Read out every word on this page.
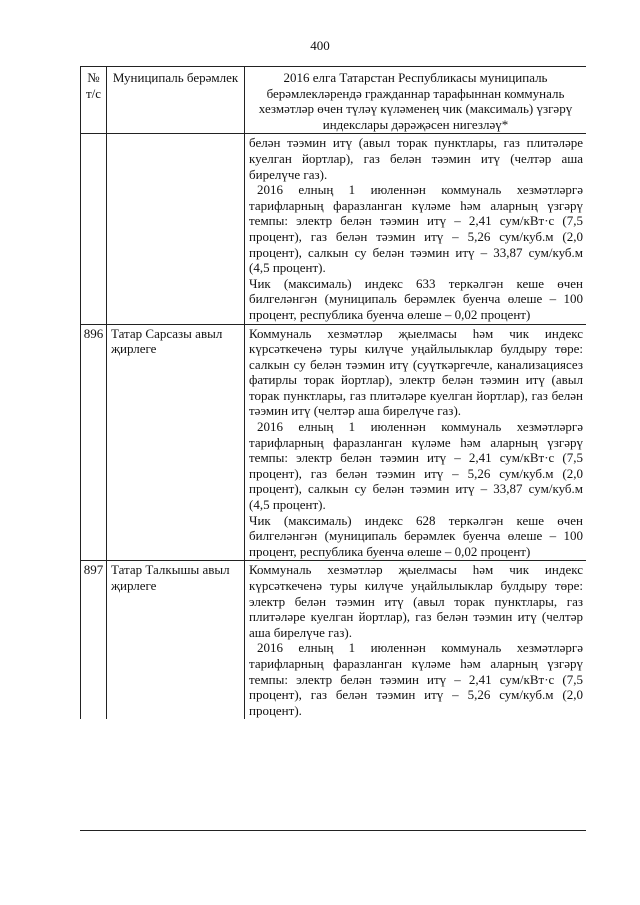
400
№ т/с	Муниципаль берәмлек	2016 елга Татарстан Республикасы муниципаль берәмлекләрендә гражданнар тарафыннан коммуналь хезмәтләр өчен түләү күләменең чик (максималь) үзгәрү индекслары дәрәҗәсен нигезләү*

		белән тәэмин итү (авыл торак пунктлары, газ плитәләре куелган йортлар), газ белән тәэмин итү (челтәр аша бирелүче газ).

2016 елның 1 июленнән коммуналь хезмәтләргә тарифларның фаразланган күләме һәм аларның үзгәрү темпы: электр белән тәэмин итү – 2,41 сум/кВт·с (7,5 процент), газ белән тәэмин итү – 5,26 сум/куб.м (2,0 процент), салкын су белән тәэмин итү – 33,87 сум/куб.м (4,5 процент).

Чик (максималь) индекс 633 теркәлгән кеше өчен билгеләнгән (муниципаль берәмлек буенча өлеше – 100 процент, республика буенча өлеше – 0,02 процент)

896	Татар Сарсазы авыл җирлеге	Коммуналь хезмәтләр җыелмасы һәм чик индекс күрсәткеченә туры килүче уңайлылыклар булдыру төре: салкын су белән тәэмин итү (суүткәргечле, канализациясез фатирлы торак йортлар), электр белән тәэмин итү (авыл торак пунктлары, газ плитәләре куелган йортлар), газ белән тәэмин итү (челтәр аша бирелүче газ).

2016 елның 1 июленнән коммуналь хезмәтләргә тарифларның фаразланган күләме һәм аларның үзгәрү темпы: электр белән тәэмин итү – 2,41 сум/кВт·с (7,5 процент), газ белән тәэмин итү – 5,26 сум/куб.м (2,0 процент), салкын су белән тәэмин итү – 33,87 сум/куб.м (4,5 процент).

Чик (максималь) индекс 628 теркәлгән кеше өчен билгеләнгән (муниципаль берәмлек буенча өлеше – 100 процент, республика буенча өлеше – 0,02 процент)

897	Татар Талкышы авыл җирлеге	Коммуналь хезмәтләр җыелмасы һәм чик индекс күрсәткеченә туры килүче уңайлылыклар булдыру төре: электр белән тәэмин итү (авыл торак пунктлары, газ плитәләре куелган йортлар), газ белән тәэмин итү (челтәр аша бирелүче газ).

2016 елның 1 июленнән коммуналь хезмәтләргә тарифларның фаразланган күләме һәм аларның үзгәрү темпы: электр белән тәэмин итү – 2,41 сум/кВт·с (7,5 процент), газ белән тәэмин итү – 5,26 сум/куб.м (2,0 процент).
